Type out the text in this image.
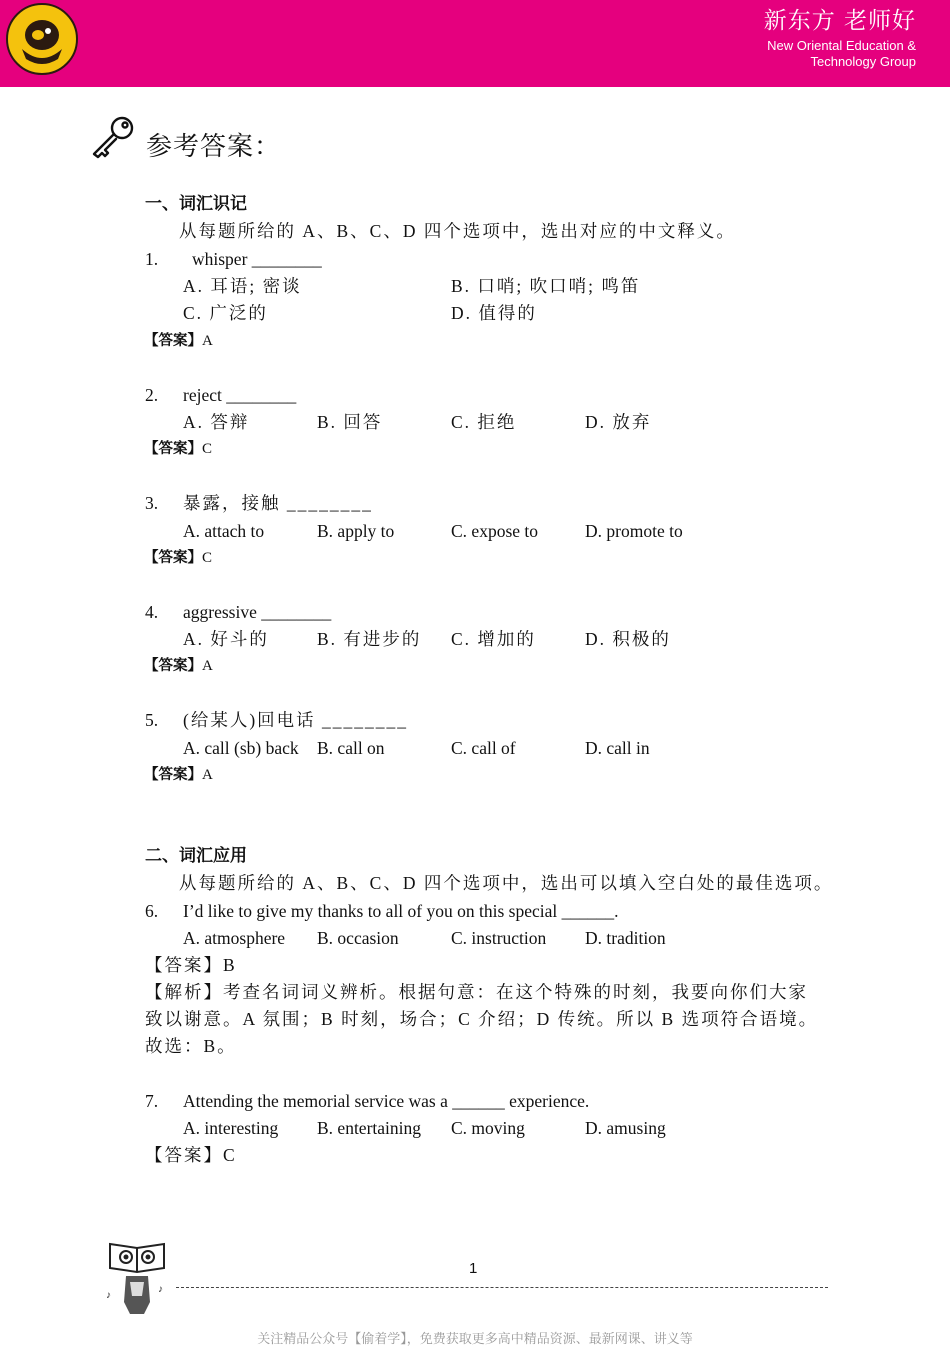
新东方 老师好
New Oriental Education &
Technology Group
参考答案：
一、词汇识记
从每题所给的 A、B、C、D 四个选项中，选出对应的中文释义。
1. whisper ________
A. 耳语; 密谈	B. 口哨; 吹口哨; 鸣笛
C. 广泛的	D. 值得的
【答案】A
2. reject ________
A. 答辩	B. 回答	C. 拒绝	D. 放弃
【答案】C
3. 暴露，接触 ________
A. attach to	B. apply to	C. expose to	D. promote to
【答案】C
4. aggressive ________
A. 好斗的	B. 有进步的 C. 增加的	D. 积极的
【答案】A
5. (给某人)回电话 ________
A. call (sb) back B. call on	C. call of	D. call in
【答案】A
二、词汇应用
从每题所给的 A、B、C、D 四个选项中，选出可以填入空白处的最佳选项。
6. I’d like to give my thanks to all of you on this special ______.
A. atmosphere B. occasion	C. instruction D. tradition
【答案】B
【解析】考查名词词义辨析。根据句意：在这个特殊的时刻，我要向你们大家
致以谢意。A 氛围；B 时刻，场合；C 介绍；D 传统。所以 B 选项符合语境。
故选：B。
7. Attending the memorial service was a ______ experience.
A. interesting B. entertaining C. moving	D. amusing
【答案】C
♪
♪
1
关注精品公众号【偷着学】，免费获取更多高中精品资源、最新网课、讲义等
